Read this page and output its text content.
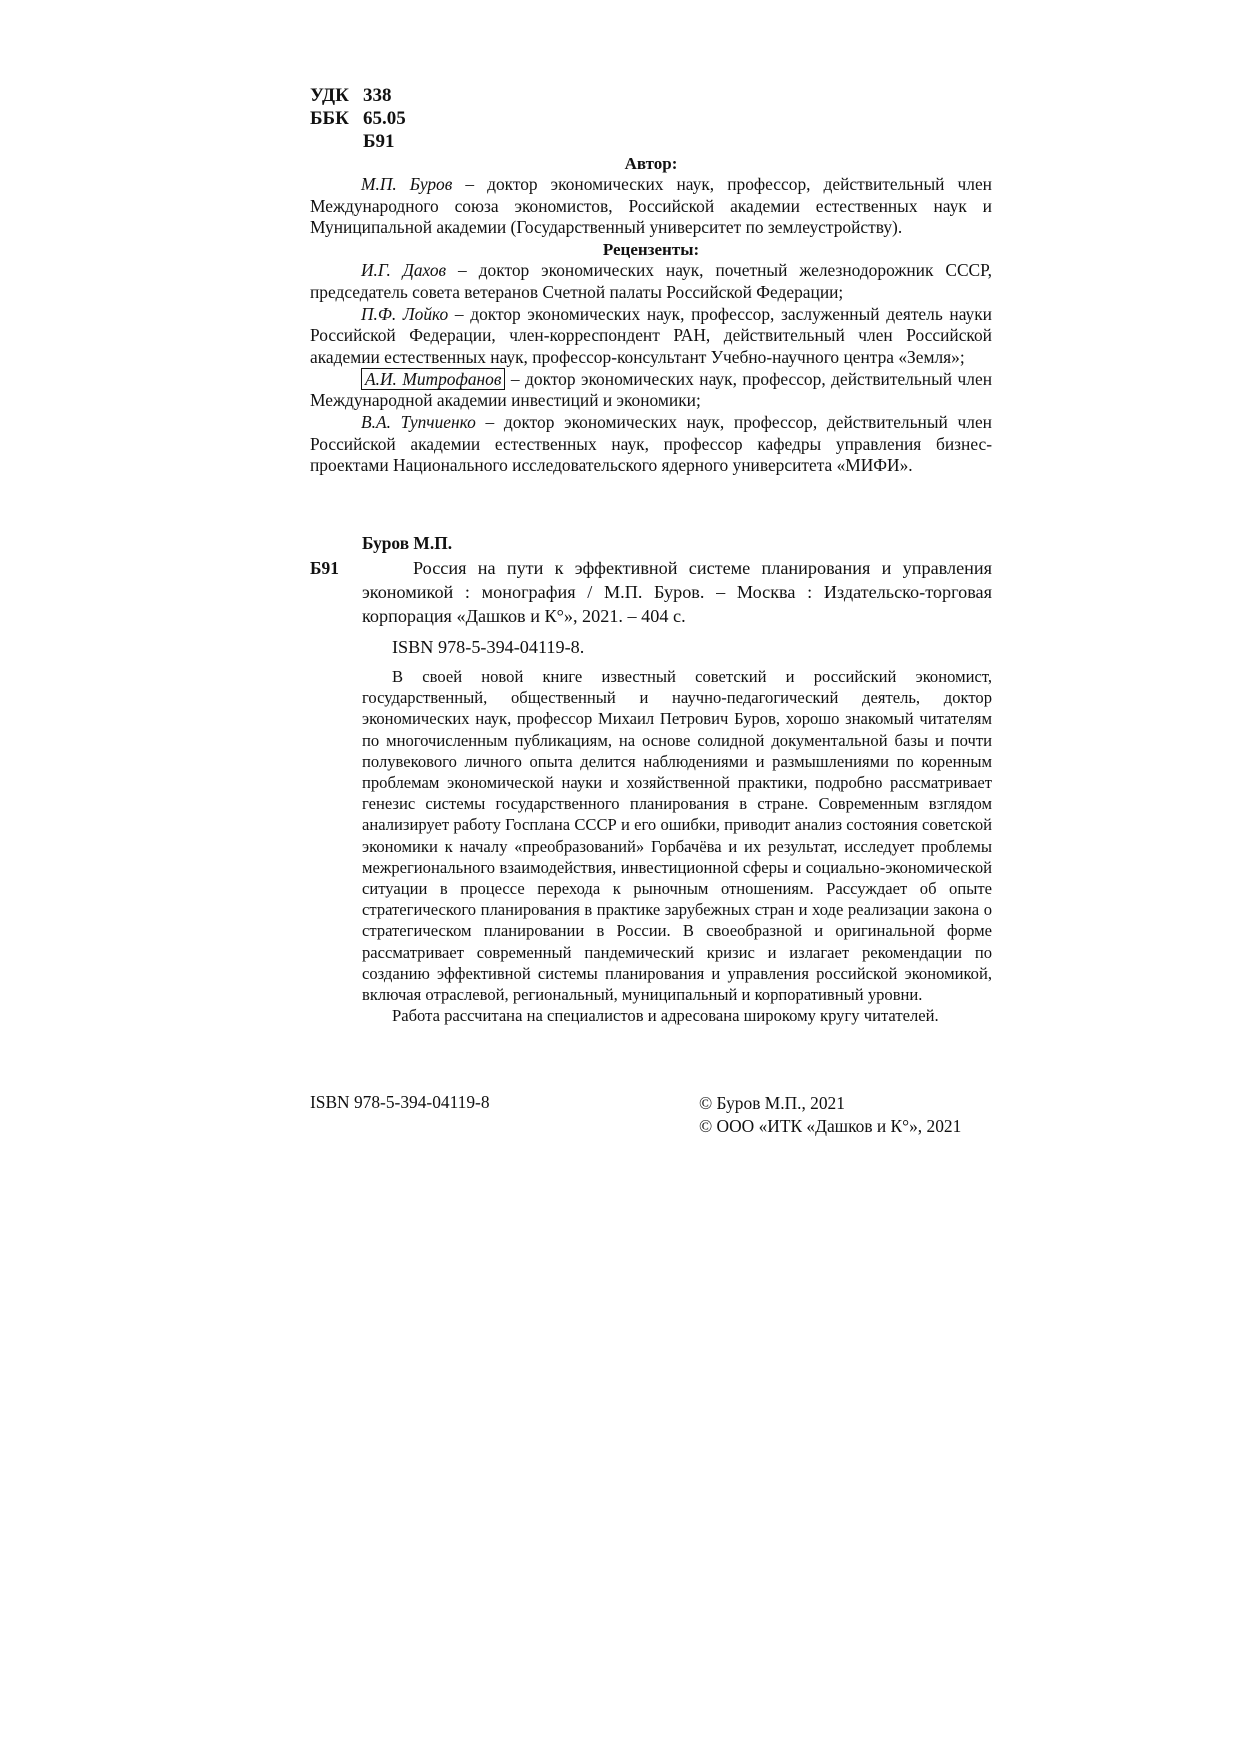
УДК 338
ББК 65.05
Б91
Автор:

М.П. Буров – доктор экономических наук, профессор, действительный член Международного союза экономистов, Российской академии естественных наук и Муниципальной академии (Государственный университет по землеустройству).

Рецензенты:

И.Г. Дахов – доктор экономических наук, почетный железнодорожник СССР, председатель совета ветеранов Счетной палаты Российской Федерации;

П.Ф. Лойко – доктор экономических наук, профессор, заслуженный деятель науки Российской Федерации, член-корреспондент РАН, действительный член Российской академии естественных наук, профессор-консультант Учебно-научного центра «Земля»;

А.И. Митрофанов – доктор экономических наук, профессор, действительный член Международной академии инвестиций и экономики;

В.А. Тупчиенко – доктор экономических наук, профессор, действительный член Российской академии естественных наук, профессор кафедры управления бизнес-проектами Национального исследовательского ядерного университета «МИФИ».

Буров М.П.
Б91	Россия на пути к эффективной системе планирования и управления экономикой : монография / М.П. Буров. – Москва : Издательско-торговая корпорация «Дашков и К°», 2021. – 404 с.
ISBN 978-5-394-04119-8.

В своей новой книге известный советский и российский экономист, государственный, общественный и научно-педагогический деятель, доктор экономических наук, профессор Михаил Петрович Буров, хорошо знакомый читателям по многочисленным публикациям, на основе солидной документальной базы и почти полувекового личного опыта делится наблюдениями и размышлениями по коренным проблемам экономической науки и хозяйственной практики, подробно рассматривает генезис системы государственного планирования в стране. Современным взглядом анализирует работу Госплана СССР и его ошибки, приводит анализ состояния советской экономики к началу «преобразований» Горбачёва и их результат, исследует проблемы межрегионального взаимодействия, инвестиционной сферы и социально-экономической ситуации в процессе перехода к рыночным отношениям. Рассуждает об опыте стратегического планирования в практике зарубежных стран и ходе реализации закона о стратегическом планировании в России. В своеобразной и оригинальной форме рассматривает современный пандемический кризис и излагает рекомендации по созданию эффективной системы планирования и управления российской экономикой, включая отраслевой, региональный, муниципальный и корпоративный уровни.

Работа рассчитана на специалистов и адресована широкому кругу читателей.

ISBN 978-5-394-04119-8	© Буров М.П., 2021
© ООО «ИТК «Дашков и К°», 2021
